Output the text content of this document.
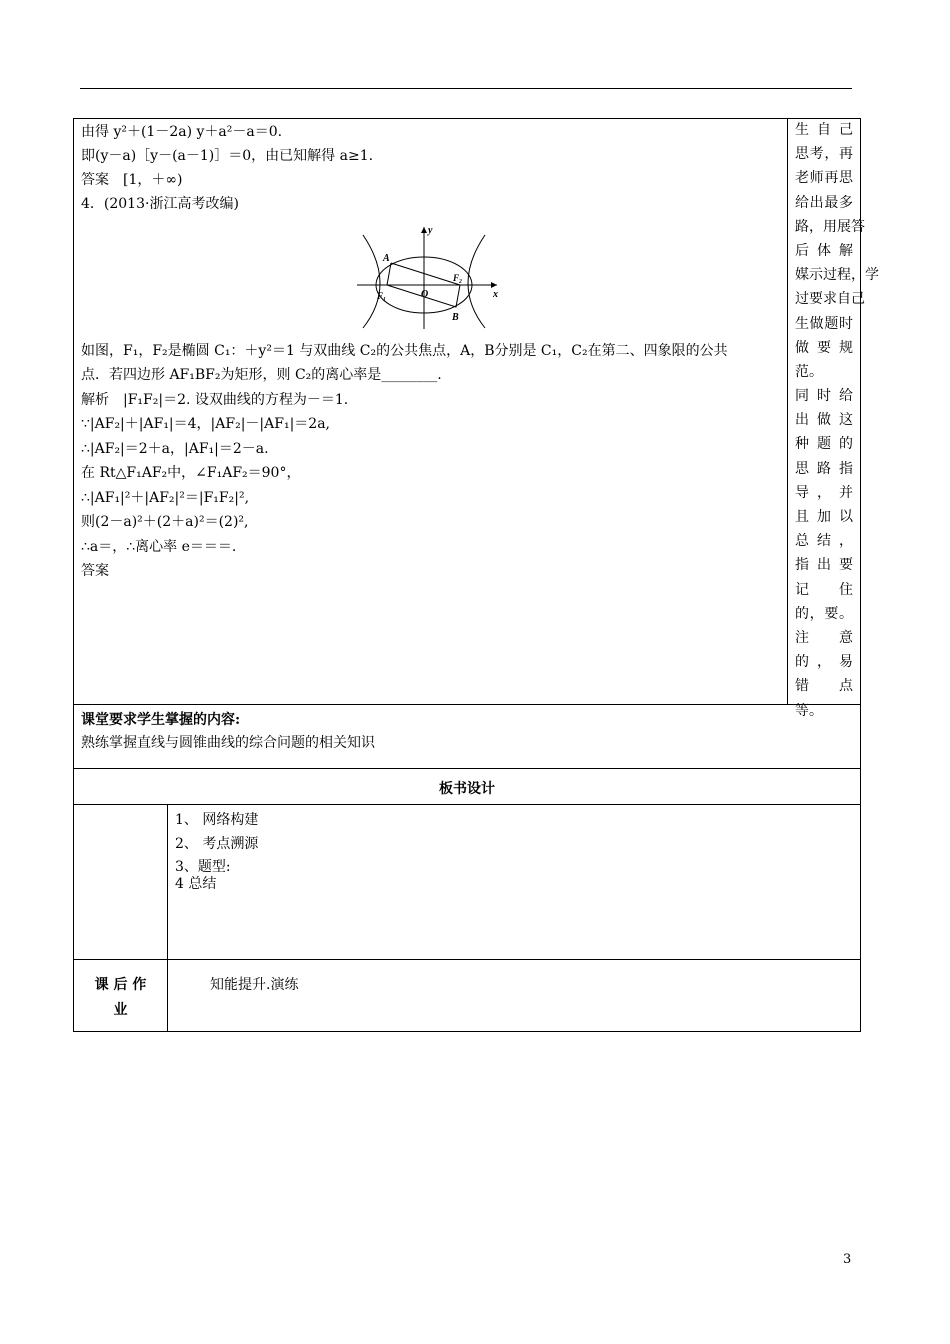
由得 y²＋(1－2a) y＋a²－a＝0.
即(y－a)［y－(a－1)］＝0，由已知解得 a≥1.
答案　[1，＋∞)
4．(2013·浙江高考改编)
y
x
O
A
B
F₁
F₂
如图，F₁，F₂是椭圆 C₁：＋y²＝1 与双曲线 C₂的公共焦点，A，B分别是 C₁，C₂在第二、四象限的公共
点．若四边形 AF₁BF₂为矩形，则 C₂的离心率是________.
解析　|F₁F₂|＝2. 设双曲线的方程为－＝1.
∵|AF₂|＋|AF₁|＝4，|AF₂|－|AF₁|＝2a,
∴|AF₂|＝2＋a，|AF₁|＝2－a.
在 Rt△F₁AF₂中，∠F₁AF₂＝90°，
∴|AF₁|²＋|AF₂|²＝|F₁F₂|²,
则(2－a)²＋(2＋a)²＝(2)²,
∴a＝，∴离心率 e＝＝＝.
答案
生自己
思考，再
老师再思
给出最多
路，用展答
后体解
媒示过程，学
过要求自己
生做题时
做要规
范。
同时给
出做这
种题的
思路指
导，并
且加以
总结，
指出要
记住
的，要。
注意
的，易
错点
等。
课堂要求学生掌握的内容:
熟练掌握直线与圆锥曲线的综合问题的相关知识
板书设计
1、 网络构建
2、 考点溯源
3、题型:
4 总结
课 后 作
业
知能提升.演练
3
